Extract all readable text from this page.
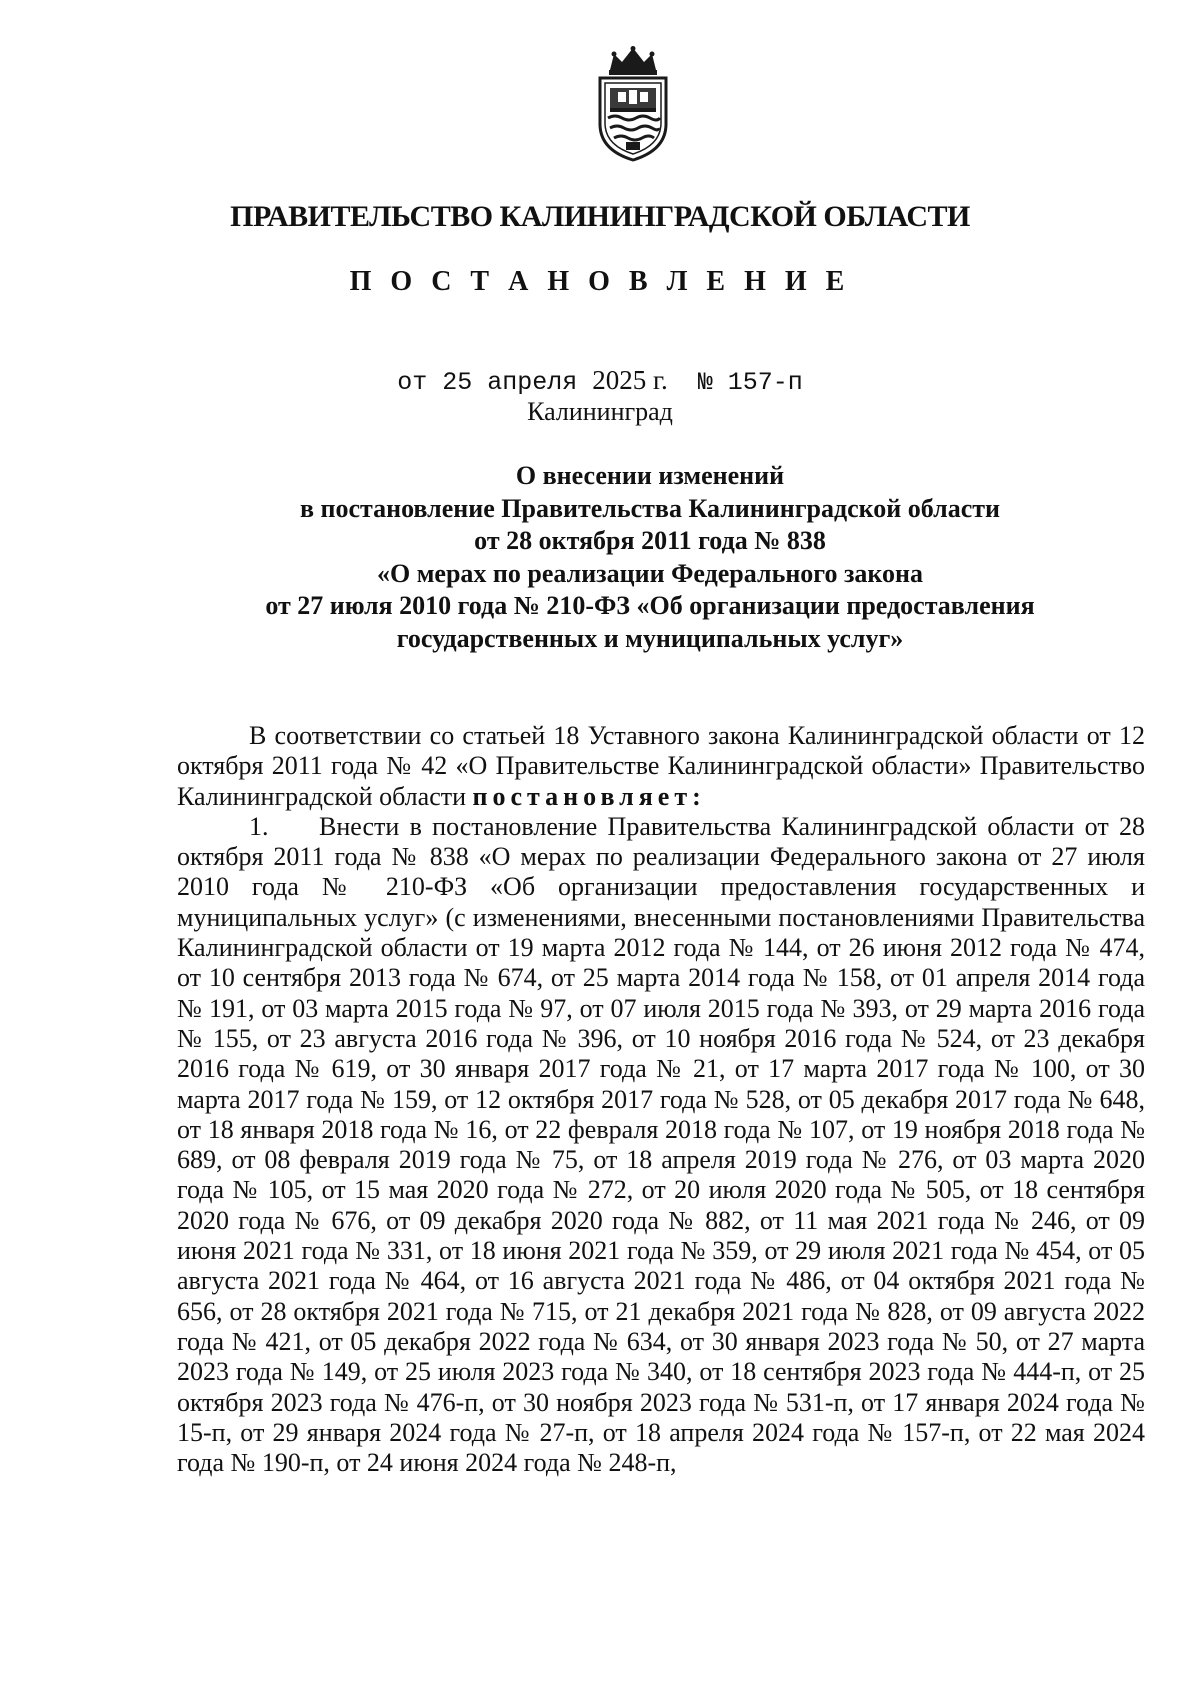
ПРАВИТЕЛЬСТВО КАЛИНИНГРАДСКОЙ ОБЛАСТИ
П О С Т А Н О В Л Е Н И Е
от 25 апреля 2025 г. № 157-п
Калининград
О внесении изменений
в постановление Правительства Калининградской области
от 28 октября 2011 года № 838
«О мерах по реализации Федерального закона
от 27 июля 2010 года № 210-ФЗ «Об организации предоставления
государственных и муниципальных услуг»

В соответствии со статьей 18 Уставного закона Калининградской области от 12 октября 2011 года № 42 «О Правительстве Калининградской области» Правительство Калининградской области постановляет:

1. Внести в постановление Правительства Калининградской области от 28 октября 2011 года № 838 «О мерах по реализации Федерального закона от 27 июля 2010 года № 210-ФЗ «Об организации предоставления государственных и муниципальных услуг» (с изменениями, внесенными постановлениями Правительства Калининградской области от 19 марта 2012 года № 144, от 26 июня 2012 года № 474, от 10 сентября 2013 года № 674, от 25 марта 2014 года № 158, от 01 апреля 2014 года № 191, от 03 марта 2015 года № 97, от 07 июля 2015 года № 393, от 29 марта 2016 года № 155, от 23 августа 2016 года № 396, от 10 ноября 2016 года № 524, от 23 декабря 2016 года № 619, от 30 января 2017 года № 21, от 17 марта 2017 года № 100, от 30 марта 2017 года № 159, от 12 октября 2017 года № 528, от 05 декабря 2017 года № 648, от 18 января 2018 года № 16, от 22 февраля 2018 года № 107, от 19 ноября 2018 года № 689, от 08 февраля 2019 года № 75, от 18 апреля 2019 года № 276, от 03 марта 2020 года № 105, от 15 мая 2020 года № 272, от 20 июля 2020 года № 505, от 18 сентября 2020 года № 676, от 09 декабря 2020 года № 882, от 11 мая 2021 года № 246, от 09 июня 2021 года № 331, от 18 июня 2021 года № 359, от 29 июля 2021 года № 454, от 05 августа 2021 года № 464, от 16 августа 2021 года № 486, от 04 октября 2021 года № 656, от 28 октября 2021 года № 715, от 21 декабря 2021 года № 828, от 09 августа 2022 года № 421, от 05 декабря 2022 года № 634, от 30 января 2023 года № 50, от 27 марта 2023 года № 149, от 25 июля 2023 года № 340, от 18 сентября 2023 года № 444-п, от 25 октября 2023 года № 476-п, от 30 ноября 2023 года № 531-п, от 17 января 2024 года № 15-п, от 29 января 2024 года № 27-п, от 18 апреля 2024 года № 157-п, от 22 мая 2024 года № 190-п, от 24 июня 2024 года № 248-п,
